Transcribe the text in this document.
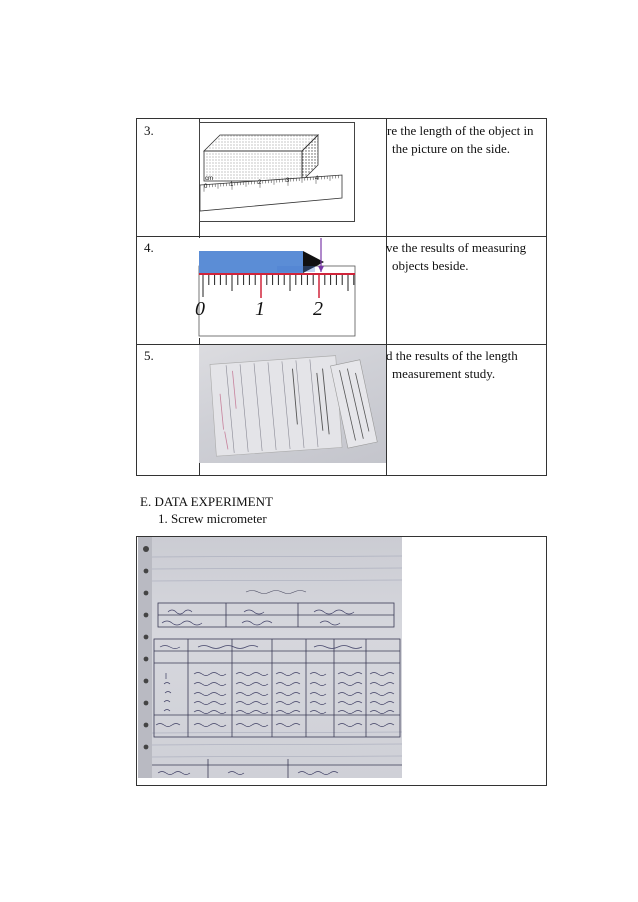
3.	re the length of the object in
the picture on the side.
cm
0	1	2	3	4
4.	ve the results of measuring
objects beside.
0	1 2
5.	d the results of the length
measurement study.
E. DATA EXPERIMENT
1. Screw micrometer
